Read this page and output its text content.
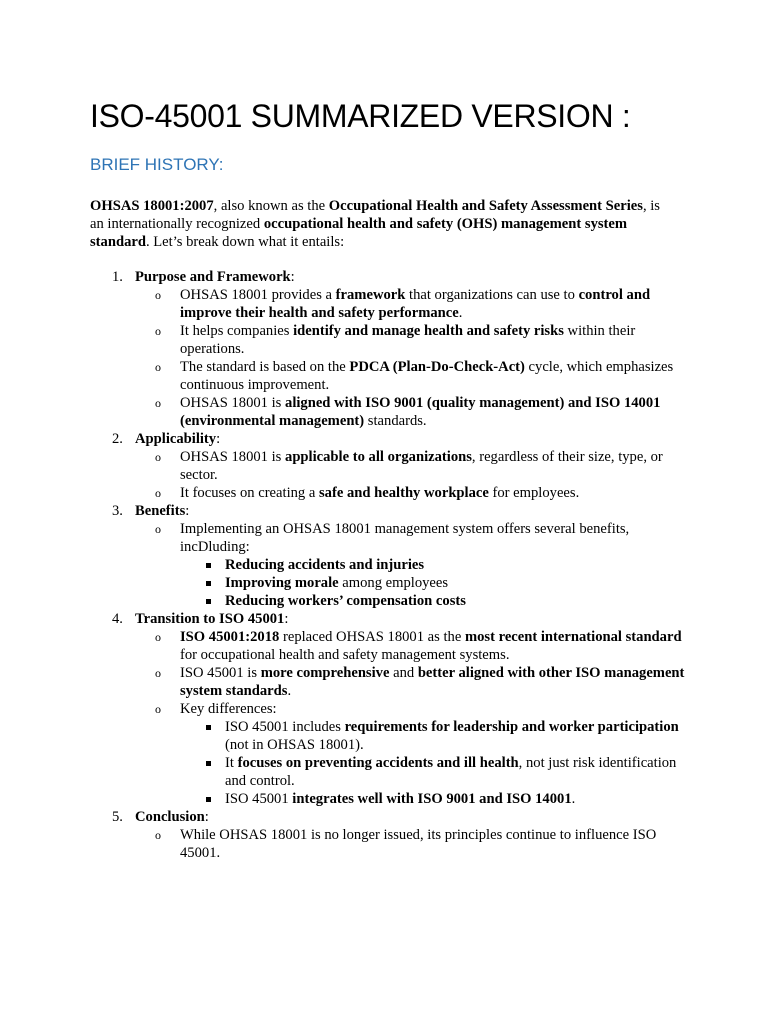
ISO-45001 SUMMARIZED VERSION :
BRIEF HISTORY:

OHSAS 18001:2007, also known as the Occupational Health and Safety Assessment Series, is an internationally recognized occupational health and safety (OHS) management system standard. Let’s break down what it entails:

1. Purpose and Framework:
o OHSAS 18001 provides a framework that organizations can use to control and improve their health and safety performance.
o It helps companies identify and manage health and safety risks within their operations.
o The standard is based on the PDCA (Plan-Do-Check-Act) cycle, which emphasizes continuous improvement.
o OHSAS 18001 is aligned with ISO 9001 (quality management) and ISO 14001 (environmental management) standards.
2. Applicability:
o OHSAS 18001 is applicable to all organizations, regardless of their size, type, or sector.
o It focuses on creating a safe and healthy workplace for employees.
3. Benefits:
o Implementing an OHSAS 18001 management system offers several benefits, incDluding:
Reducing accidents and injuries
Improving morale among employees
Reducing workers’ compensation costs
4. Transition to ISO 45001:
o ISO 45001:2018 replaced OHSAS 18001 as the most recent international standard for occupational health and safety management systems.
o ISO 45001 is more comprehensive and better aligned with other ISO management system standards.
o Key differences:
ISO 45001 includes requirements for leadership and worker participation (not in OHSAS 18001).
It focuses on preventing accidents and ill health, not just risk identification and control.
ISO 45001 integrates well with ISO 9001 and ISO 14001.
5. Conclusion:
o While OHSAS 18001 is no longer issued, its principles continue to influence ISO 45001.
